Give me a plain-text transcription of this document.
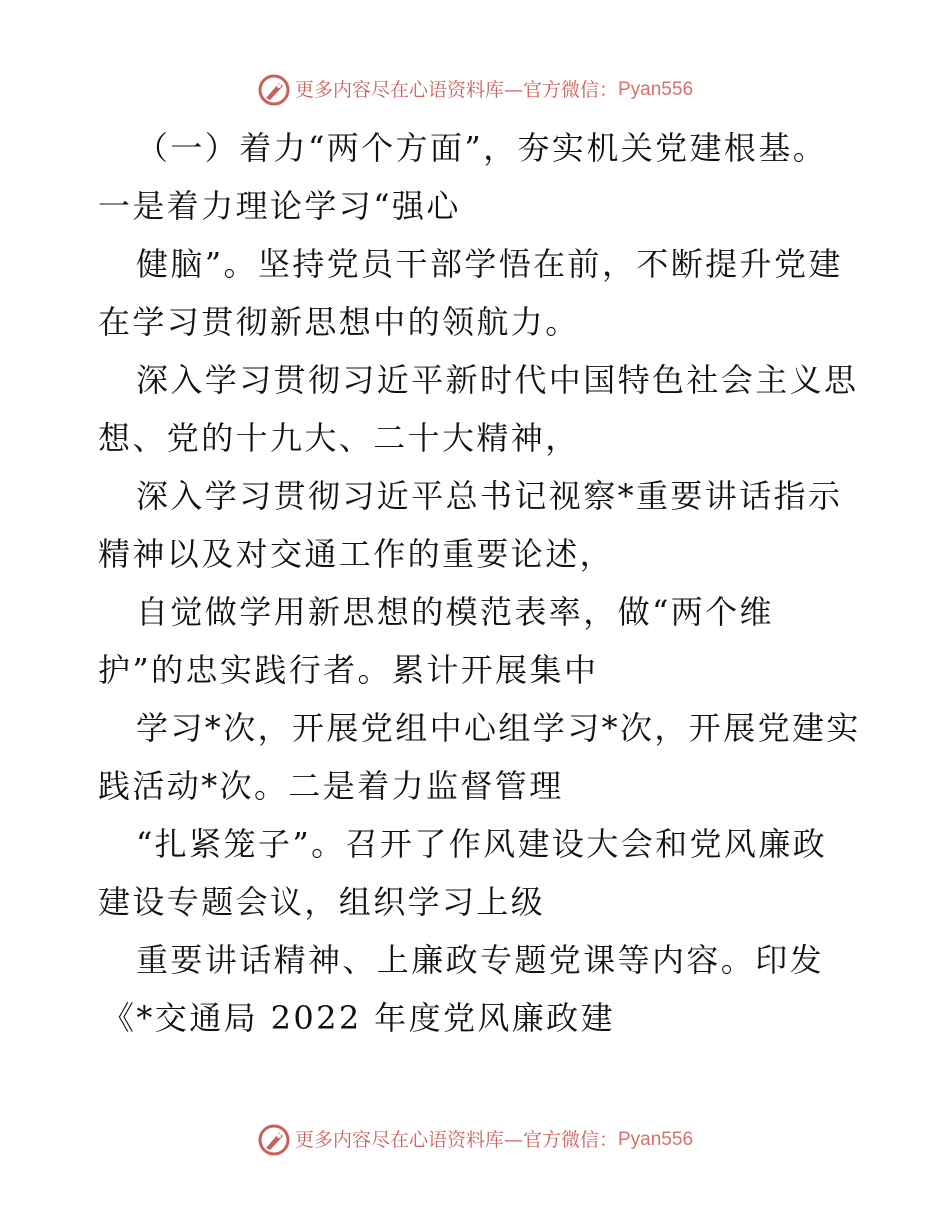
更多内容尽在心语资料库 — 官方微信： Pyan556
（一）着力“两个方面”，夯实机关党建根基。
一是着力理论学习“强心
健脑”。坚持党员干部学悟在前，不断提升党建
在学习贯彻新思想中的领航力。
深入学习贯彻习近平新时代中国特色社会主义思
想、党的十九大、二十大精神，
深入学习贯彻习近平总书记视察*重要讲话指示
精神以及对交通工作的重要论述，
自觉做学用新思想的模范表率，做“两个维
护”的忠实践行者。累计开展集中
学习*次，开展党组中心组学习*次，开展党建实
践活动*次。二是着力监督管理
“扎紧笼子”。召开了作风建设大会和党风廉政
建设专题会议，组织学习上级
重要讲话精神、上廉政专题党课等内容。印发
《*交通局 2022 年度党风廉政建
更多内容尽在心语资料库 — 官方微信： Pyan556
